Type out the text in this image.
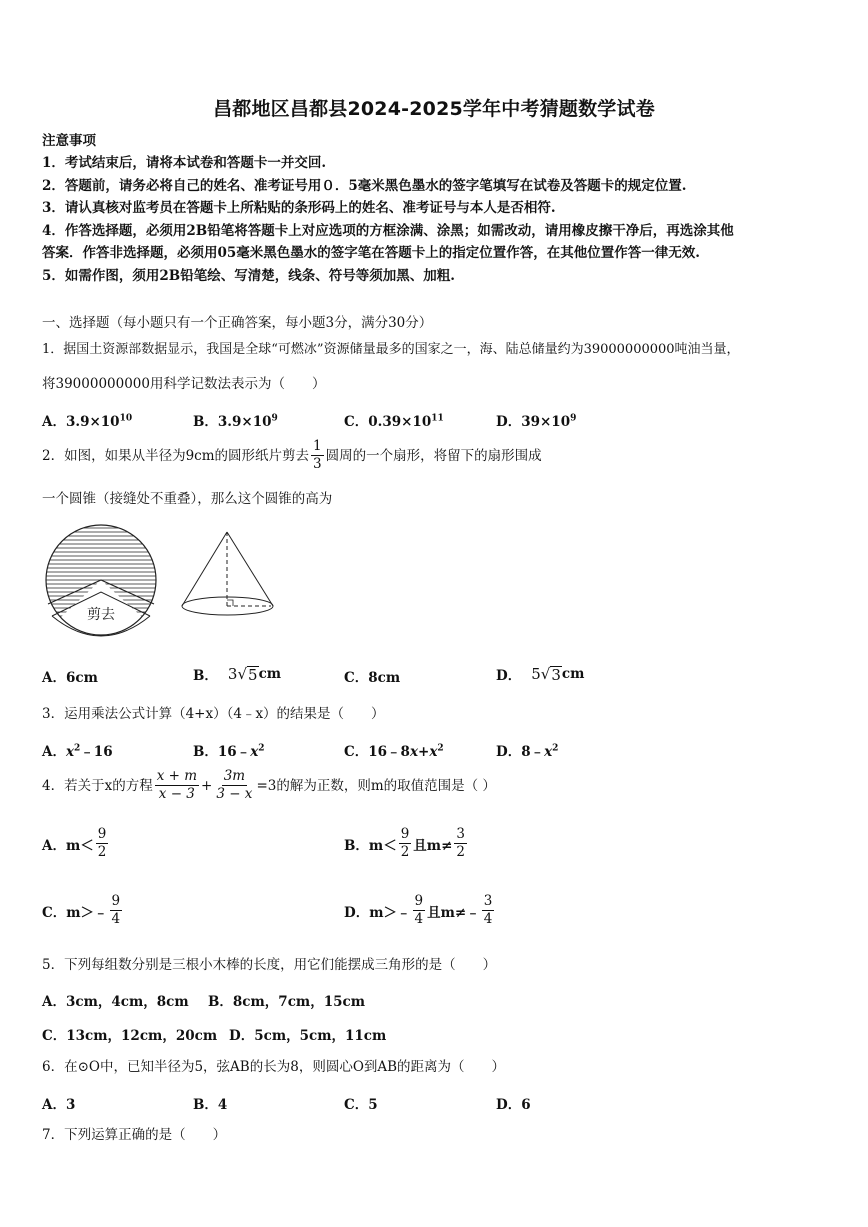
昌都地区昌都县2024-2025学年中考猜题数学试卷
注意事项
1．考试结束后，请将本试卷和答题卡一并交回.
2．答题前，请务必将自己的姓名、准考证号用０．5毫米黑色墨水的签字笔填写在试卷及答题卡的规定位置.
3．请认真核对监考员在答题卡上所粘贴的条形码上的姓名、准考证号与本人是否相符.
4．作答选择题，必须用2B铅笔将答题卡上对应选项的方框涂满、涂黑；如需改动，请用橡皮擦干净后，再选涂其他
答案．作答非选择题，必须用05毫米黑色墨水的签字笔在答题卡上的指定位置作答，在其他位置作答一律无效.
5．如需作图，须用2B铅笔绘、写清楚，线条、符号等须加黑、加粗.
一、选择题（每小题只有一个正确答案，每小题3分，满分30分）
1．据国土资源部数据显示，我国是全球“可燃冰”资源储量最多的国家之一，海、陆总储量约为39000000000吨油当量，
将39000000000用科学记数法表示为（　　）
A．$3.9\times 10^{10}$	B．$3.9\times 10^9$	C．$0.39\times 10^{11}$	D．$39\times 10^9$
2．如图，如果从半径为9cm的圆形纸片剪去 $\frac{1}{3}$ 圆周的一个扇形，将留下的扇形围成
一个圆锥（接缝处不重叠），那么这个圆锥的高为
剪去
A．6cm	B． 3 √ 5 cm	C．8cm	D． 5 √ 3 cm
3．运用乘法公式计算（4+x）（4﹣x）的结果是（　　）
A．$x^2﹣16$	B．$16﹣x^2$	C．$16﹣8x+x^2$	D．$8﹣x^2$
4．若关于x的方程 $\frac{x + m}{x - 3} + \frac{3m}{3 - x} =3$的解为正数，则m的取值范围是（ ）
A．$m< \frac{9}{2}$	B．$m< \frac{9}{2}$ 且$m\ne \frac{3}{2}$
C．m＞﹣ $\frac{9}{4}$	D．m＞﹣ $\frac{9}{4}$ 且m≠﹣ $\frac{3}{4}$
5．下列每组数分别是三根小木棒的长度，用它们能摆成三角形的是（　　）
A．3cm，4cm，8cm B．8cm，7cm，15cm
C．13cm，12cm，20cm D．5cm，5cm，11cm
6．在⊙O中，已知半径为5，弦AB的长为8，则圆心O到AB的距离为（　　）
A．3	B．4	C．5	D．6
7．下列运算正确的是（　　）
